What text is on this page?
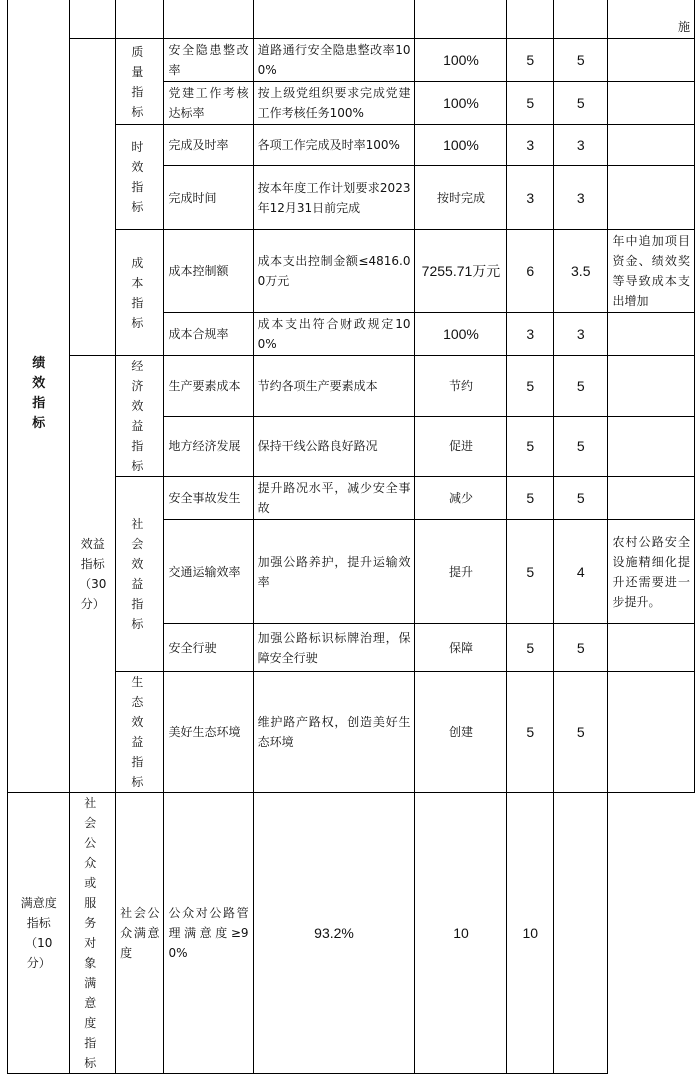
绩效指标								施
		质量指标	安全隐患整改率	道路通行安全隐患整改率100%	100%	5	5	
			党建工作考核达标率	按上级党组织要求完成党建工作考核任务100%	100%	5	5	
		时效指标	完成及时率	各项工作完成及时率100%	100%	3	3	
			完成时间	按本年度工作计划要求2023年12月31日前完成	按时完成	3	3	
		成本指标	成本控制额	成本支出控制金额≤4816.00万元	7255.71万元	6	3.5	年中追加项目资金、绩效奖等导致成本支出增加
			成本合规率	成本支出符合财政规定100%	100%	3	3	
	效益指标（30分）	经济效益指标	生产要素成本	节约各项生产要素成本	节约	5	5	
			地方经济发展	保持干线公路良好路况	促进	5	5	
		社会效益指标	安全事故发生	提升路况水平，减少安全事故	减少	5	5	
			交通运输效率	加强公路养护，提升运输效率	提升	5	4	农村公路安全设施精细化提升还需要进一步提升。
			安全行驶	加强公路标识标牌治理，保障安全行驶	保障	5	5	
		生态效益指标	美好生态环境	维护路产路权，创造美好生态环境	创建	5	5	
满意度指标（10分）	社会公众或服务对象满意度指标	社会公众满意度	公众对公路管理满意度≥90%	93.2%	10	10		
